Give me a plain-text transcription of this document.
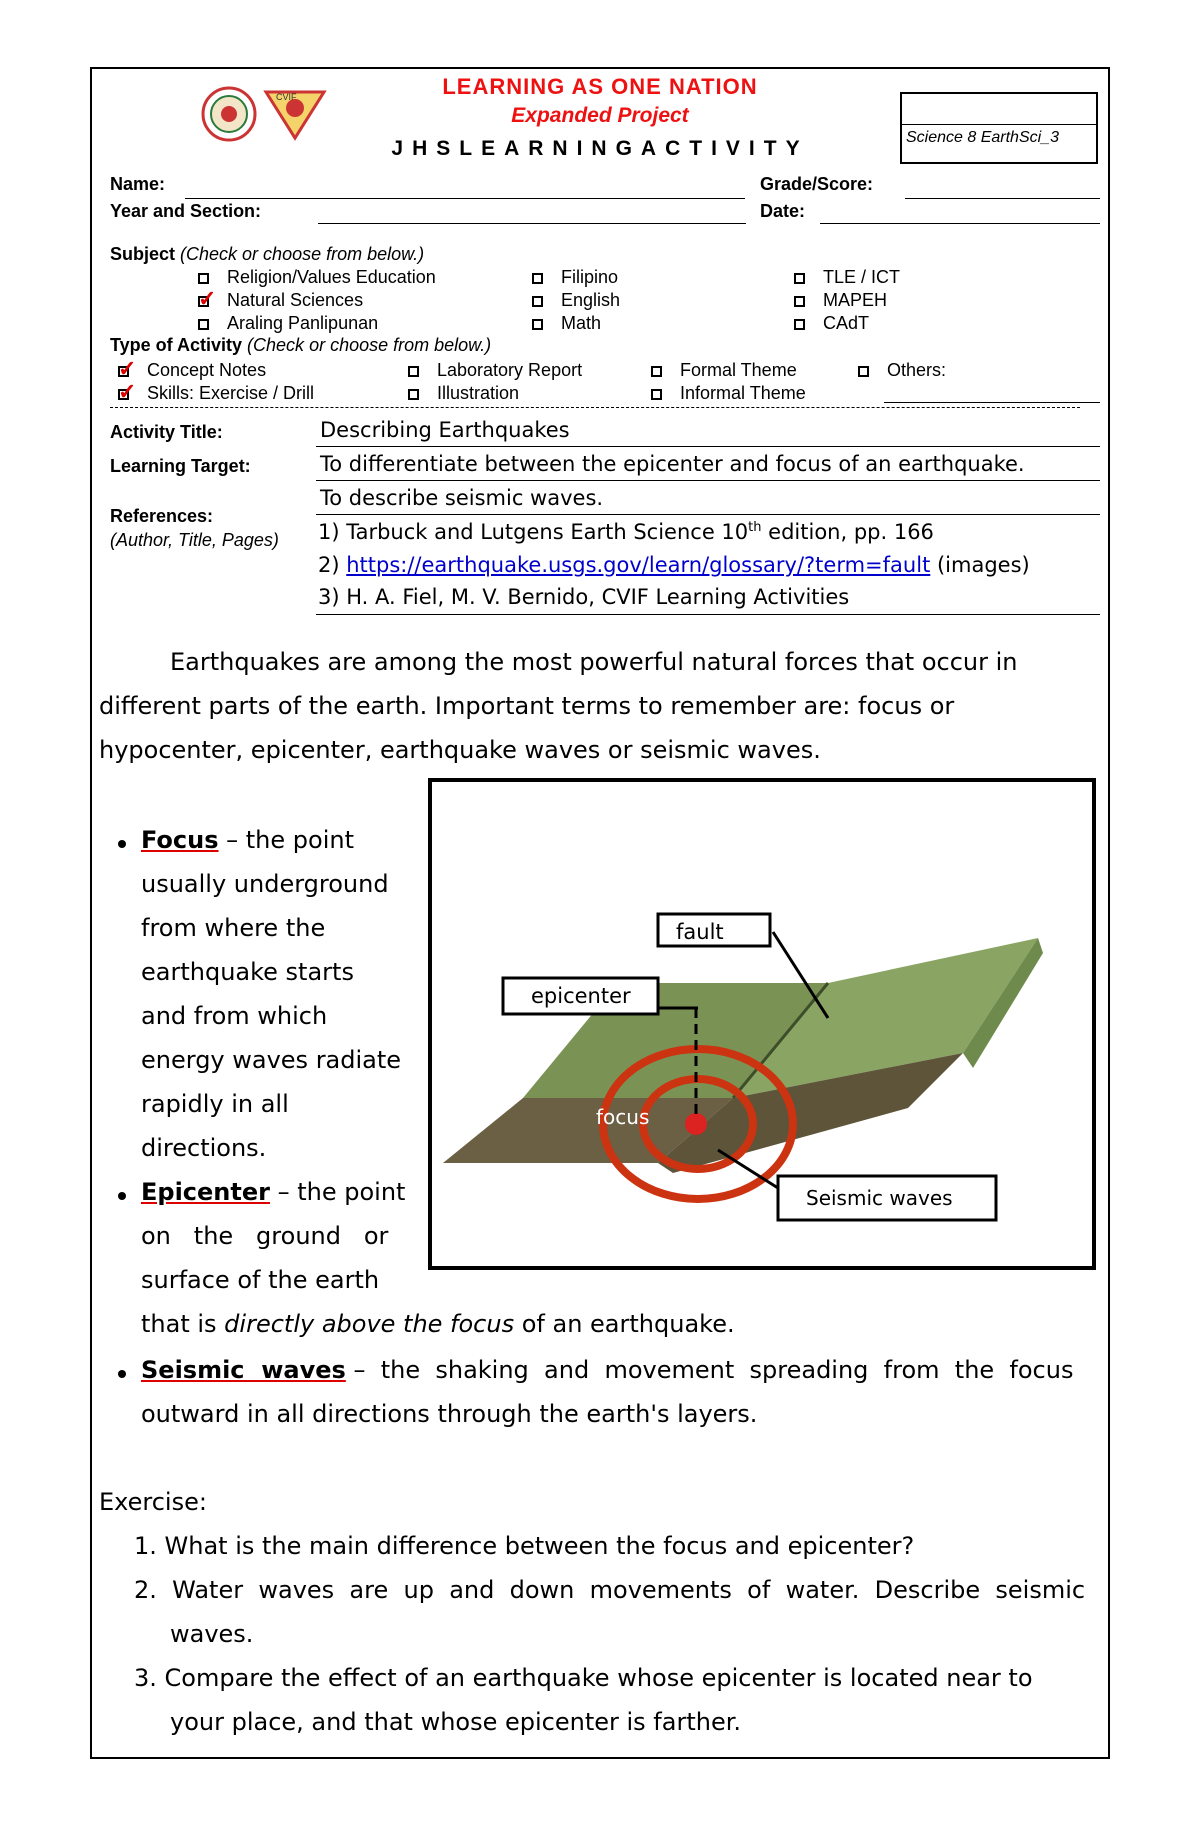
CVIF	LEARNING AS ONE NATION
Expanded Project
JHSLEARNINGACTIVITY	Science 8 EarthSci_3
Name:	Grade/Score:
Year and Section:	Date:
Subject (Check or choose from below.)
Religion/Values Education
✓ Natural Sciences
Araling Panlipunan
Filipino
English
Math
TLE / ICT
MAPEH
CAdT
Type of Activity (Check or choose from below.)
✓ Concept Notes
✓ Skills: Exercise / Drill
Laboratory Report
Illustration
Formal Theme
Informal Theme
Others:
Activity Title:	Describing Earthquakes
Learning Target:	To differentiate between the epicenter and focus of an earthquake.
To describe seismic waves.
References:
(Author, Title, Pages) 1) Tarbuck and Lutgens Earth Science 10th edition, pp. 166
2) https://earthquake.usgs.gov/learn/glossary/?term=fault (images)
3) H. A. Fiel, M. V. Bernido, CVIF Learning Activities
Earthquakes are among the most powerful natural forces that occur in
different parts of the earth. Important terms to remember are: focus or
hypocenter, epicenter, earthquake waves or seismic waves.
Focus – the point
usually underground
from where the
earthquake starts
and from which
energy waves radiate
rapidly in all
directions.
Epicenter – the point
on   the   ground   or
surface of the earth
that is directly above the focus of an earthquake.
Seismic  waves –  the  shaking  and  movement  spreading  from  the  focus
outward in all directions through the earth's layers.
fault
epicenter
focus
Seismic waves
Exercise:
1. What is the main difference between the focus and epicenter?
2.  Water  waves  are  up  and  down  movements  of  water.  Describe  seismic
waves.
3. Compare the effect of an earthquake whose epicenter is located near to
your place, and that whose epicenter is farther.
